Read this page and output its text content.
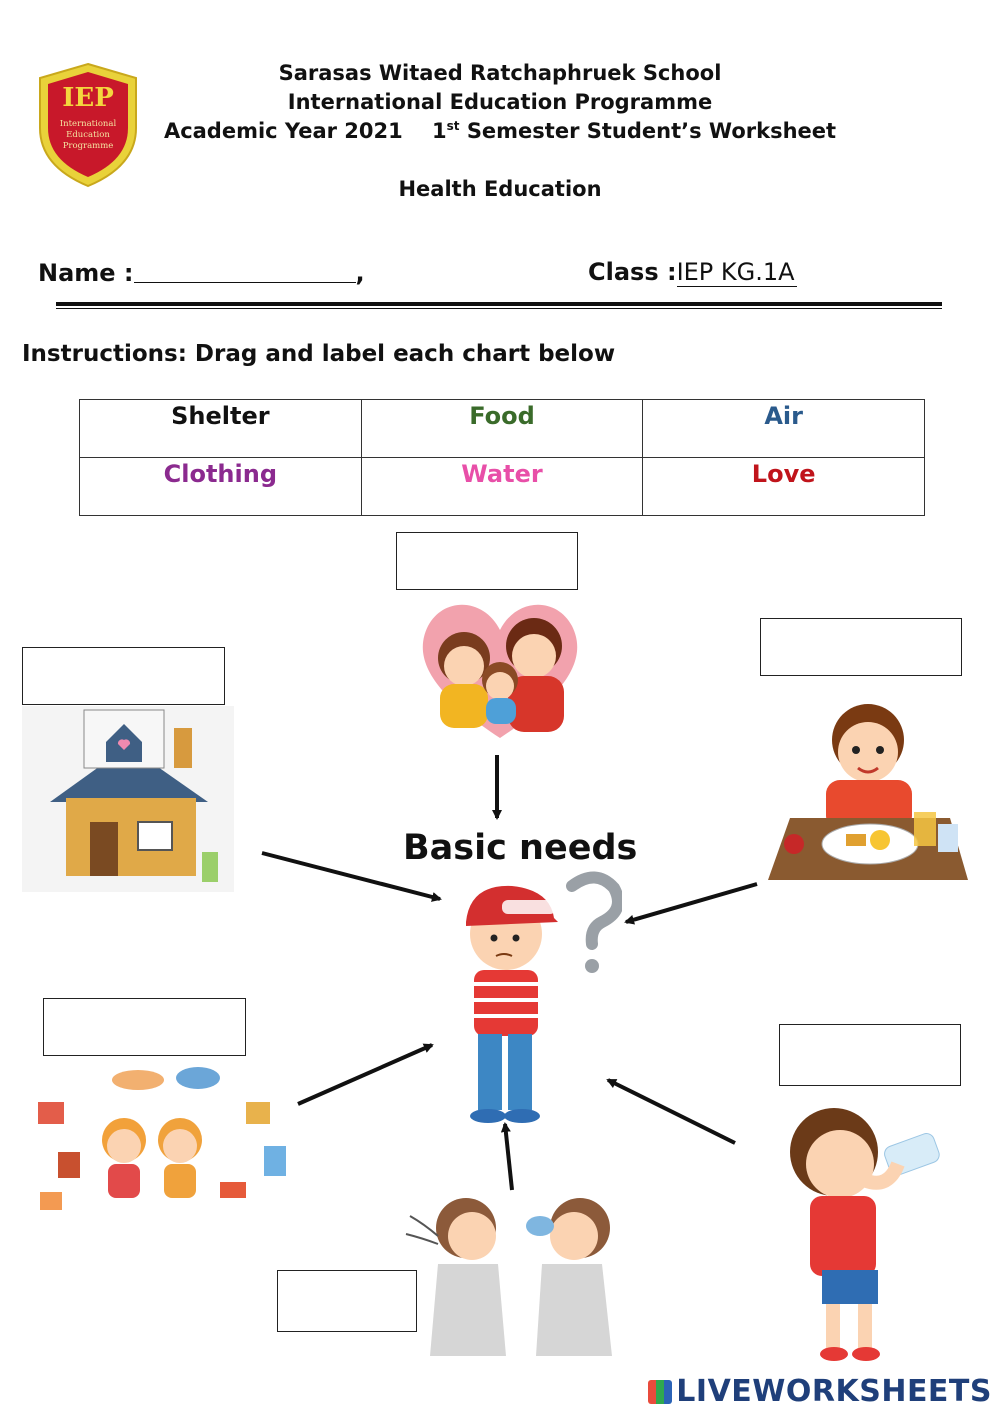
IEP
International
Education
Programme
Sarasas Witaed Ratchaphruek School
International Education Programme
Academic Year 2021 1st Semester Student’s Worksheet
Health Education
Name :	,	Class :IEP KG.1A
Instructions: Drag and label each chart below
Shelter	Food	Air
Clothing	Water	Love
Basic needs
LIVEWORKSHEETS
